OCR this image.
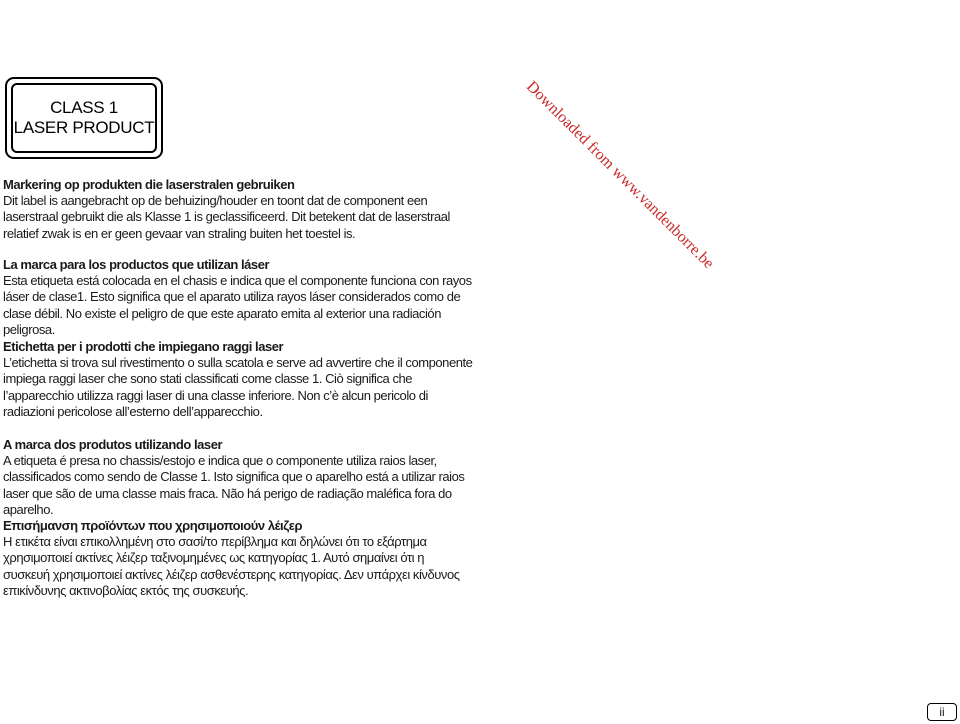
CLASS 1
LASER PRODUCT	Downloaded from www.vandenborre.be
Markering op produkten die laserstralen gebruiken

Dit label is aangebracht op de behuizing/houder en toont dat de component een laserstraal gebruikt die als Klasse 1 is geclassificeerd. Dit betekent dat de laserstraal relatief zwak is en er geen gevaar van straling buiten het toestel is.

La marca para los productos que utilizan láser

Esta etiqueta está colocada en el chasis e indica que el componente funciona con rayos láser de clase1. Esto significa que el aparato utiliza rayos láser considerados como de clase débil. No existe el peligro de que este aparato emita al exterior una radiación peligrosa.

Etichetta per i prodotti che impiegano raggi laser

L’etichetta si trova sul rivestimento o sulla scatola e serve ad avvertire che il componente impiega raggi laser che sono stati classificati come classe 1. Ciò significa che l’apparecchio utilizza raggi laser di una classe inferiore. Non c’è alcun pericolo di radiazioni pericolose all’esterno dell’apparecchio.

A marca dos produtos utilizando laser

A etiqueta é presa no chassis/estojo e indica que o componente utiliza raios laser, classificados como sendo de Classe 1. Isto significa que o aparelho está a utilizar raios laser que são de uma classe mais fraca. Não há perigo de radiação maléfica fora do aparelho.

Επισήμανση προϊόντων που χρησιμοποιούν λέιζερ

Η ετικέτα είναι επικολλημένη στο σασί/το περίβλημα και δηλώνει ότι το εξάρτημα χρησιμοποιεί ακτίνες λέιζερ ταξινομημένες ως κατηγορίας 1. Αυτό σημαίνει ότι η συσκευή χρησιμοποιεί ακτίνες λέιζερ ασθενέστερης κατηγορίας. Δεν υπάρχει κίνδυνος επικίνδυνης ακτινοβολίας εκτός της συσκευής.

ii
